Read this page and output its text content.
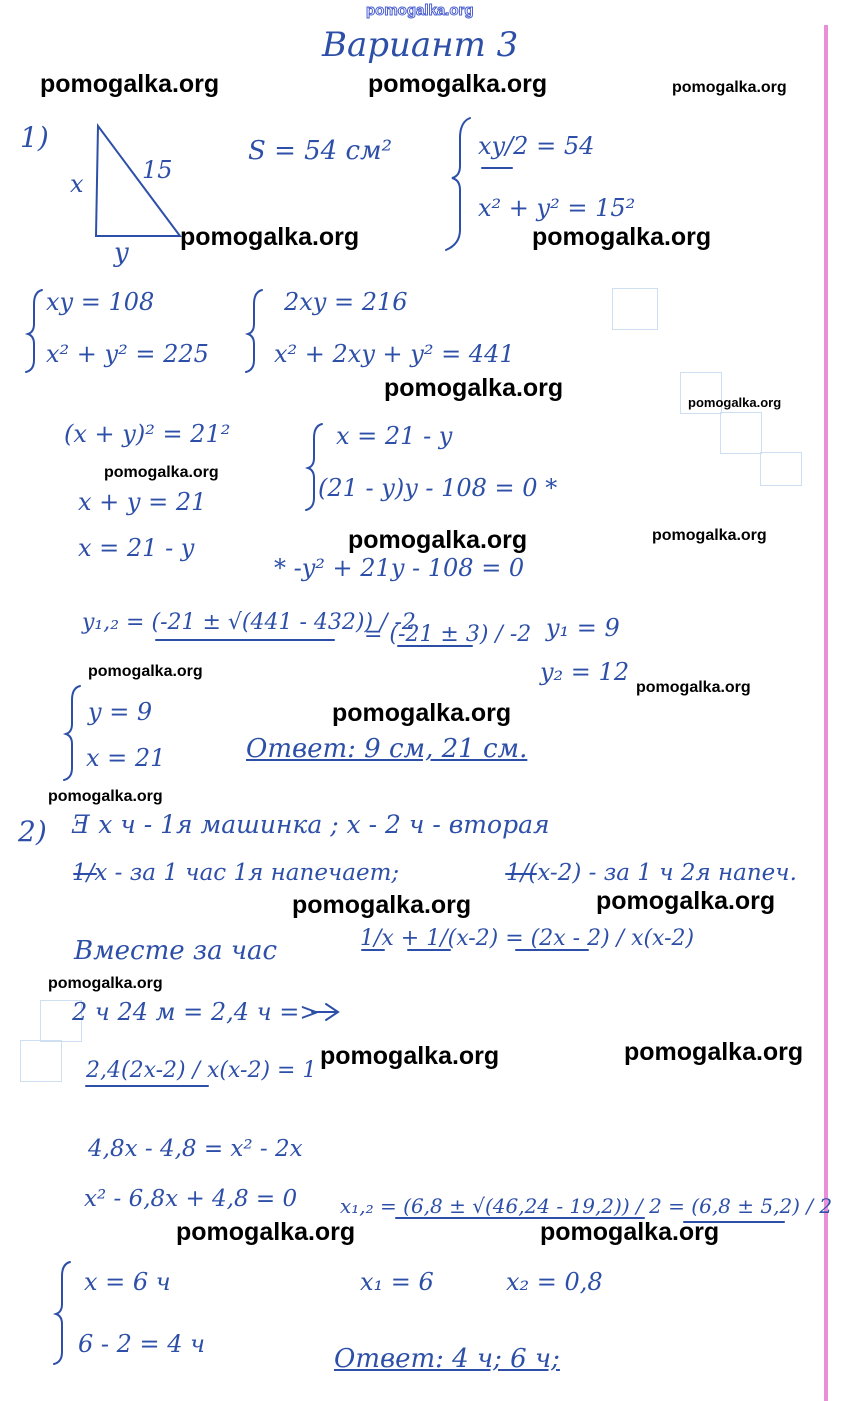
pomogalka.org
Вариант 3
1)
x 15
y
S = 54 см²	xy/2 = 54
x² + y² = 15²
xy = 108
x² + y² = 225
2xy = 216
x² + 2xy + y² = 441
(x + y)² = 21²
x + y = 21
x = 21 - y
x = 21 - y
(21 - y)y - 108 = 0 *
* -y² + 21y - 108 = 0
y₁,₂ = (-21 ± √(441 - 432)) / -2
= (-21 ± 3) / -2 y₁ = 9
y₂ = 12
y = 9
x = 21	Ответ: 9 см, 21 см.
2) Ǝ x ч - 1я машинка ; x - 2 ч - вторая
1/x - за 1 час 1я напечает;	1/(x-2) - за 1 ч 2я напеч.
Вместе за час	1/x + 1/(x-2) = (2x - 2) / x(x-2)
2 ч 24 м = 2,4 ч =>
2,4(2x-2) / x(x-2) = 1
4,8x - 4,8 = x² - 2x
x² - 6,8x + 4,8 = 0 x₁,₂ = (6,8 ± √(46,24 - 19,2)) / 2 = (6,8 ± 5,2) / 2
x = 6 ч
6 - 2 = 4 ч
x₁ = 6	x₂ = 0,8
Ответ: 4 ч; 6 ч;
pomogalka.org	pomogalka.org	pomogalka.org
pomogalka.org	pomogalka.org
pomogalka.org
pomogalka.org
pomogalka.org
pomogalka.org	pomogalka.org
pomogalka.org
pomogalka.org
pomogalka.org
pomogalka.org
pomogalka.org	pomogalka.org
pomogalka.org
pomogalka.org	pomogalka.org
pomogalka.org	pomogalka.org
